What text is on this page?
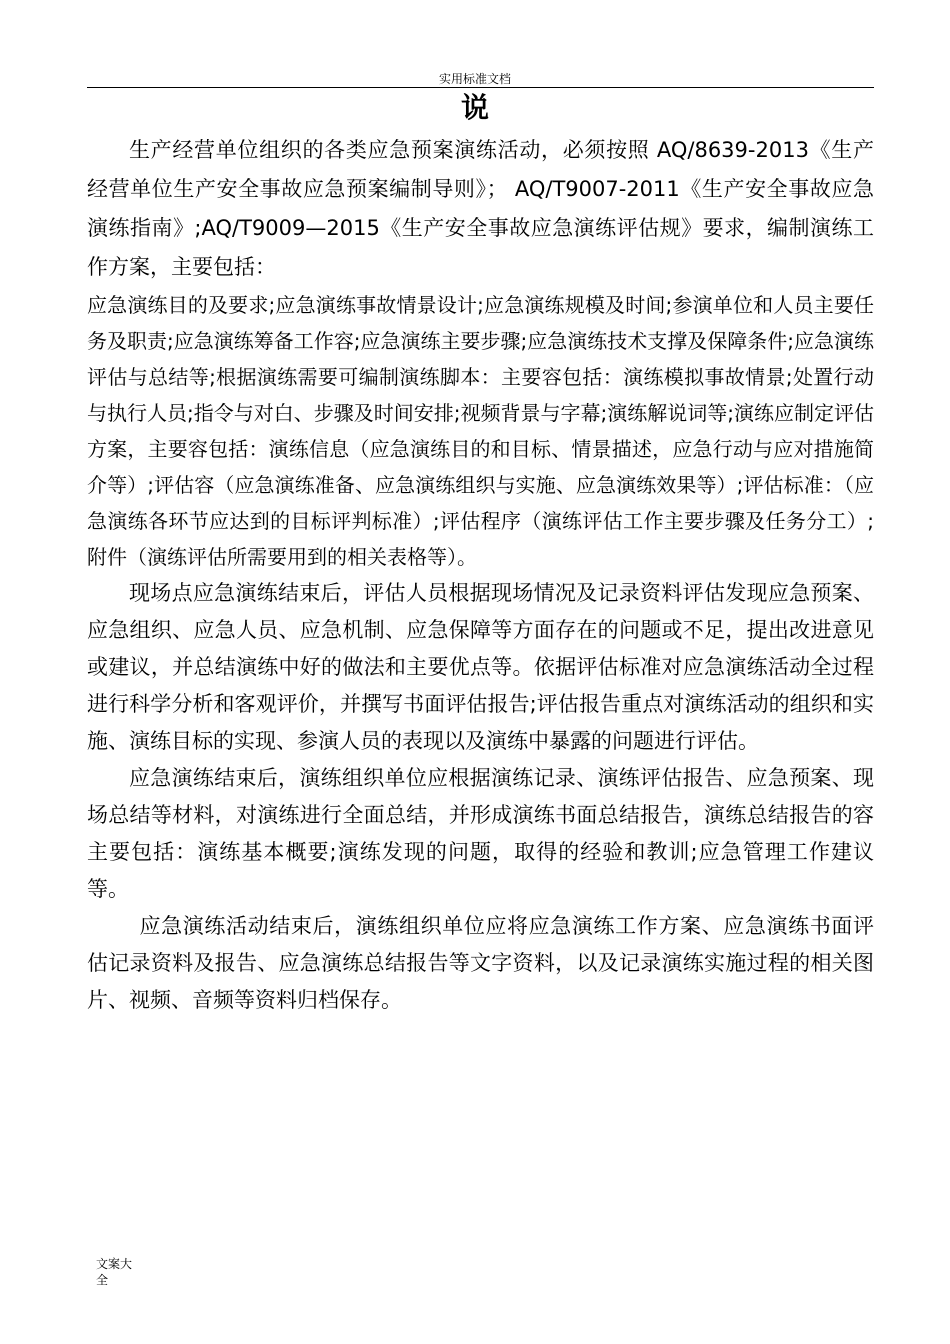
实用标准文档
说

生产经营单位组织的各类应急预案演练活动，必须按照 AQ/8639-2013《生产经营单位生产安全事故应急预案编制导则》； AQ/T9007-2011《生产安全事故应急演练指南》;AQ/T9009—2015《生产安全事故应急演练评估规》要求，编制演练工作方案，主要包括：

应急演练目的及要求;应急演练事故情景设计;应急演练规模及时间;参演单位和人员主要任务及职责;应急演练筹备工作容;应急演练主要步骤;应急演练技术支撑及保障条件;应急演练评估与总结等;根据演练需要可编制演练脚本：主要容包括：演练模拟事故情景;处置行动与执行人员;指令与对白、步骤及时间安排;视频背景与字幕;演练解说词等;演练应制定评估方案，主要容包括：演练信息（应急演练目的和目标、情景描述，应急行动与应对措施简介等）;评估容（应急演练准备、应急演练组织与实施、应急演练效果等）;评估标准：（应急演练各环节应达到的目标评判标准）;评估程序（演练评估工作主要步骤及任务分工）;附件（演练评估所需要用到的相关表格等）。

现场点应急演练结束后，评估人员根据现场情况及记录资料评估发现应急预案、应急组织、应急人员、应急机制、应急保障等方面存在的问题或不足，提出改进意见或建议，并总结演练中好的做法和主要优点等。依据评估标准对应急演练活动全过程进行科学分析和客观评价，并撰写书面评估报告;评估报告重点对演练活动的组织和实施、演练目标的实现、参演人员的表现以及演练中暴露的问题进行评估。

应急演练结束后，演练组织单位应根据演练记录、演练评估报告、应急预案、现场总结等材料，对演练进行全面总结，并形成演练书面总结报告，演练总结报告的容主要包括：演练基本概要;演练发现的问题，取得的经验和教训;应急管理工作建议等。

应急演练活动结束后，演练组织单位应将应急演练工作方案、应急演练书面评估记录资料及报告、应急演练总结报告等文字资料，以及记录演练实施过程的相关图片、视频、音频等资料归档保存。

文案大全
